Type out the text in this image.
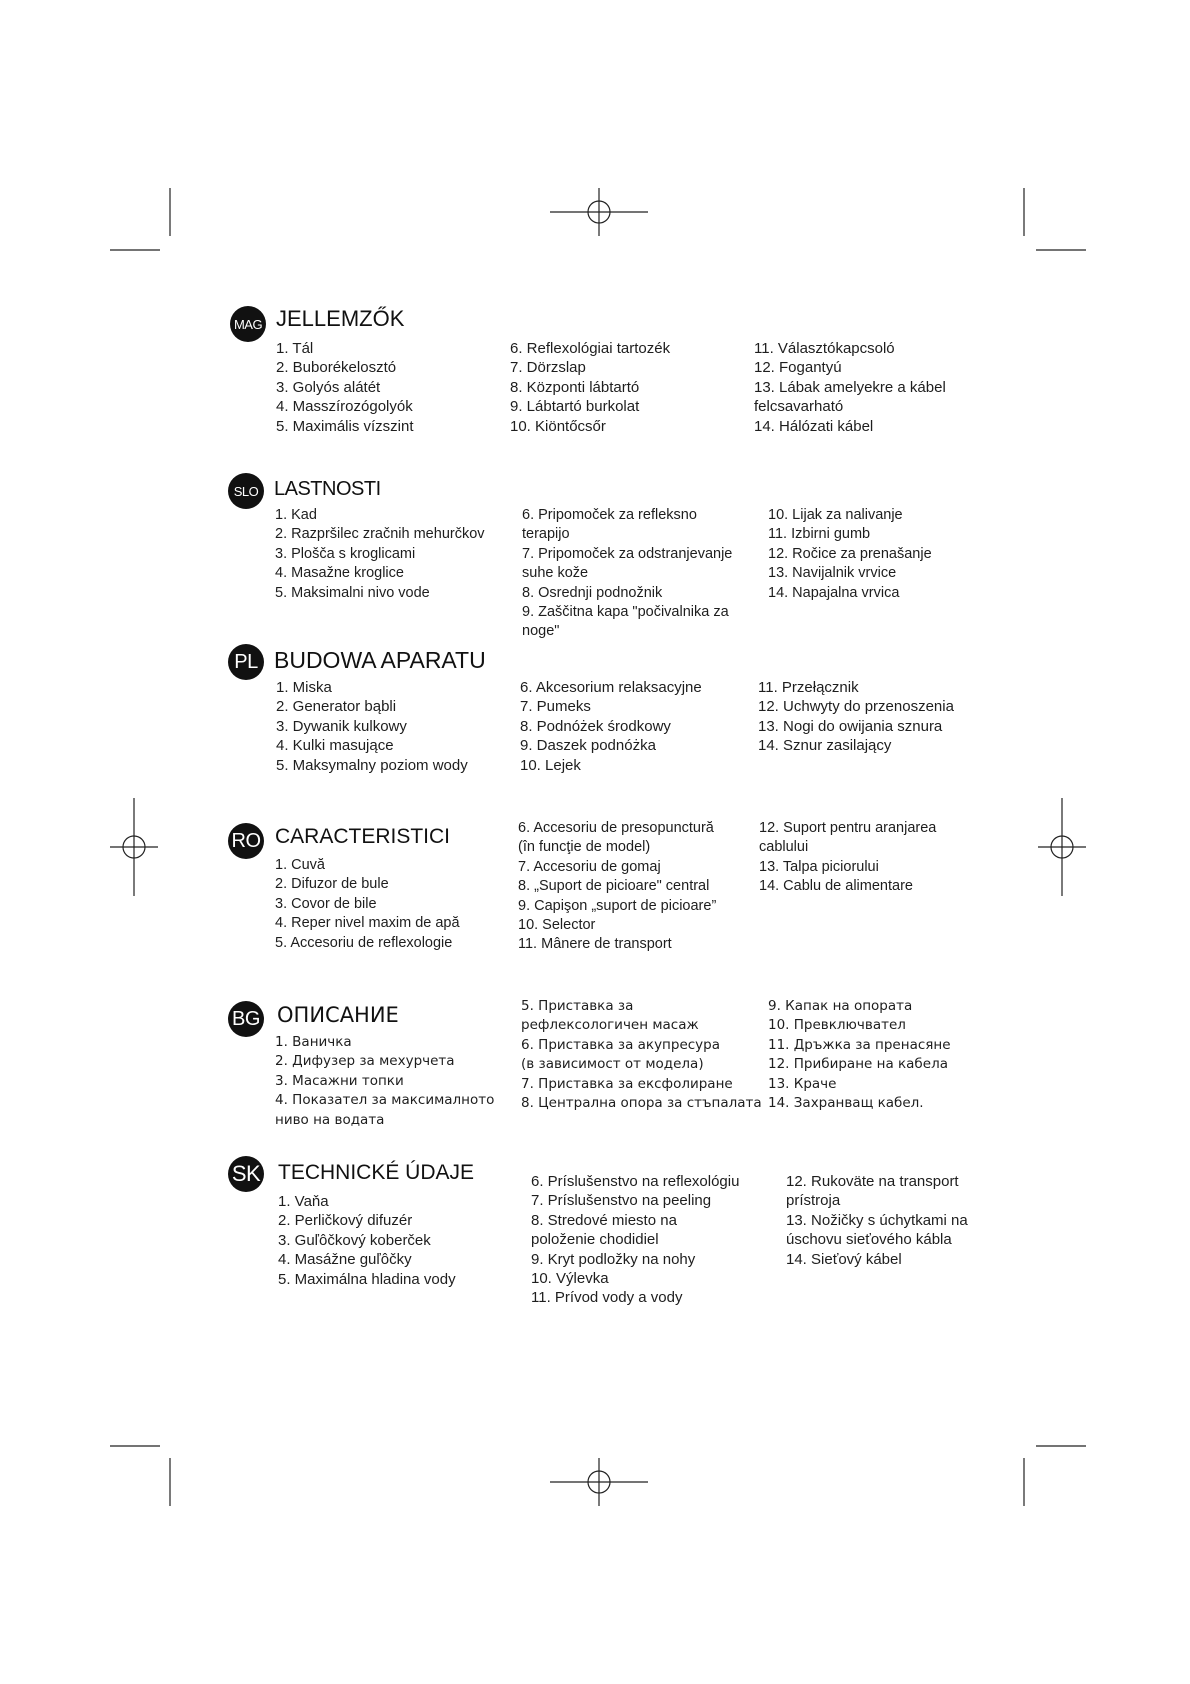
MAG JELLEMZŐK
1. Tál
2. Buborékelosztó
3. Golyós alátét
4. Masszírozógolyók
5. Maximális vízszint
6. Reflexológiai tartozék
7. Dörzslap
8. Központi lábtartó
9. Lábtartó burkolat
10. Kiöntőcsőr
11. Választókapcsoló
12. Fogantyú
13. Lábak amelyekre a kábel
felcsavarható
14. Hálózati kábel
SLO LASTNOSTI
1. Kad
2. Razpršilec zračnih mehurčkov
3. Plošča s kroglicami
4. Masažne kroglice
5. Maksimalni nivo vode
6. Pripomoček za refleksno
terapijo
7. Pripomoček za odstranjevanje
suhe kože
8. Osrednji podnožnik
9. Zaščitna kapa "počivalnika za
noge"
10. Lijak za nalivanje
11. Izbirni gumb
12. Ročice za prenašanje
13. Navijalnik vrvice
14. Napajalna vrvica
PL BUDOWA APARATU
1. Miska
2. Generator bąbli
3. Dywanik kulkowy
4. Kulki masujące
5. Maksymalny poziom wody
6. Akcesorium relaksacyjne
7. Pumeks
8. Podnóżek środkowy
9. Daszek podnóżka
10. Lejek
11. Przełącznik
12. Uchwyty do przenoszenia
13. Nogi do owijania sznura
14. Sznur zasilający
RO CARACTERISTICI
1. Cuvă
2. Difuzor de bule
3. Covor de bile
4. Reper nivel maxim de apă
5. Accesoriu de reflexologie
6. Accesoriu de presopunctură
(în funcţie de model)
7. Accesoriu de gomaj
8. „Suport de picioare" central
9. Capişon „suport de picioare”
10. Selector
11. Mânere de transport
12. Suport pentru aranjarea
cablului
13. Talpa piciorului
14. Cablu de alimentare
BG ОПИСАНИЕ
1. Ваничка
2. Дифузер за мехурчета
3. Масажни топки
4. Показател за максималното
ниво на водата
5. Приставка за
рефлексологичен масаж
6. Приставка за акупресура
(в зависимост от модела)
7. Приставка за ексфолиране
8. Централна опора за стъпалата
9. Капак на опората
10. Превключвател
11. Дръжка за пренасяне
12. Прибиране на кабела
13. Краче
14. Захранващ кабел.
SK TECHNICKÉ ÚDAJE
1. Vaňa
2. Perličkový difuzér
3. Guľôčkový koberček
4. Masážne guľôčky
5. Maximálna hladina vody
6. Príslušenstvo na reflexológiu
7. Príslušenstvo na peeling
8. Stredové miesto na
položenie chodidiel
9. Kryt podložky na nohy
10. Výlevka
11. Prívod vody a vody
12. Rukoväte na transport
prístroja
13. Nožičky s úchytkami na
úschovu sieťového kábla
14. Sieťový kábel
